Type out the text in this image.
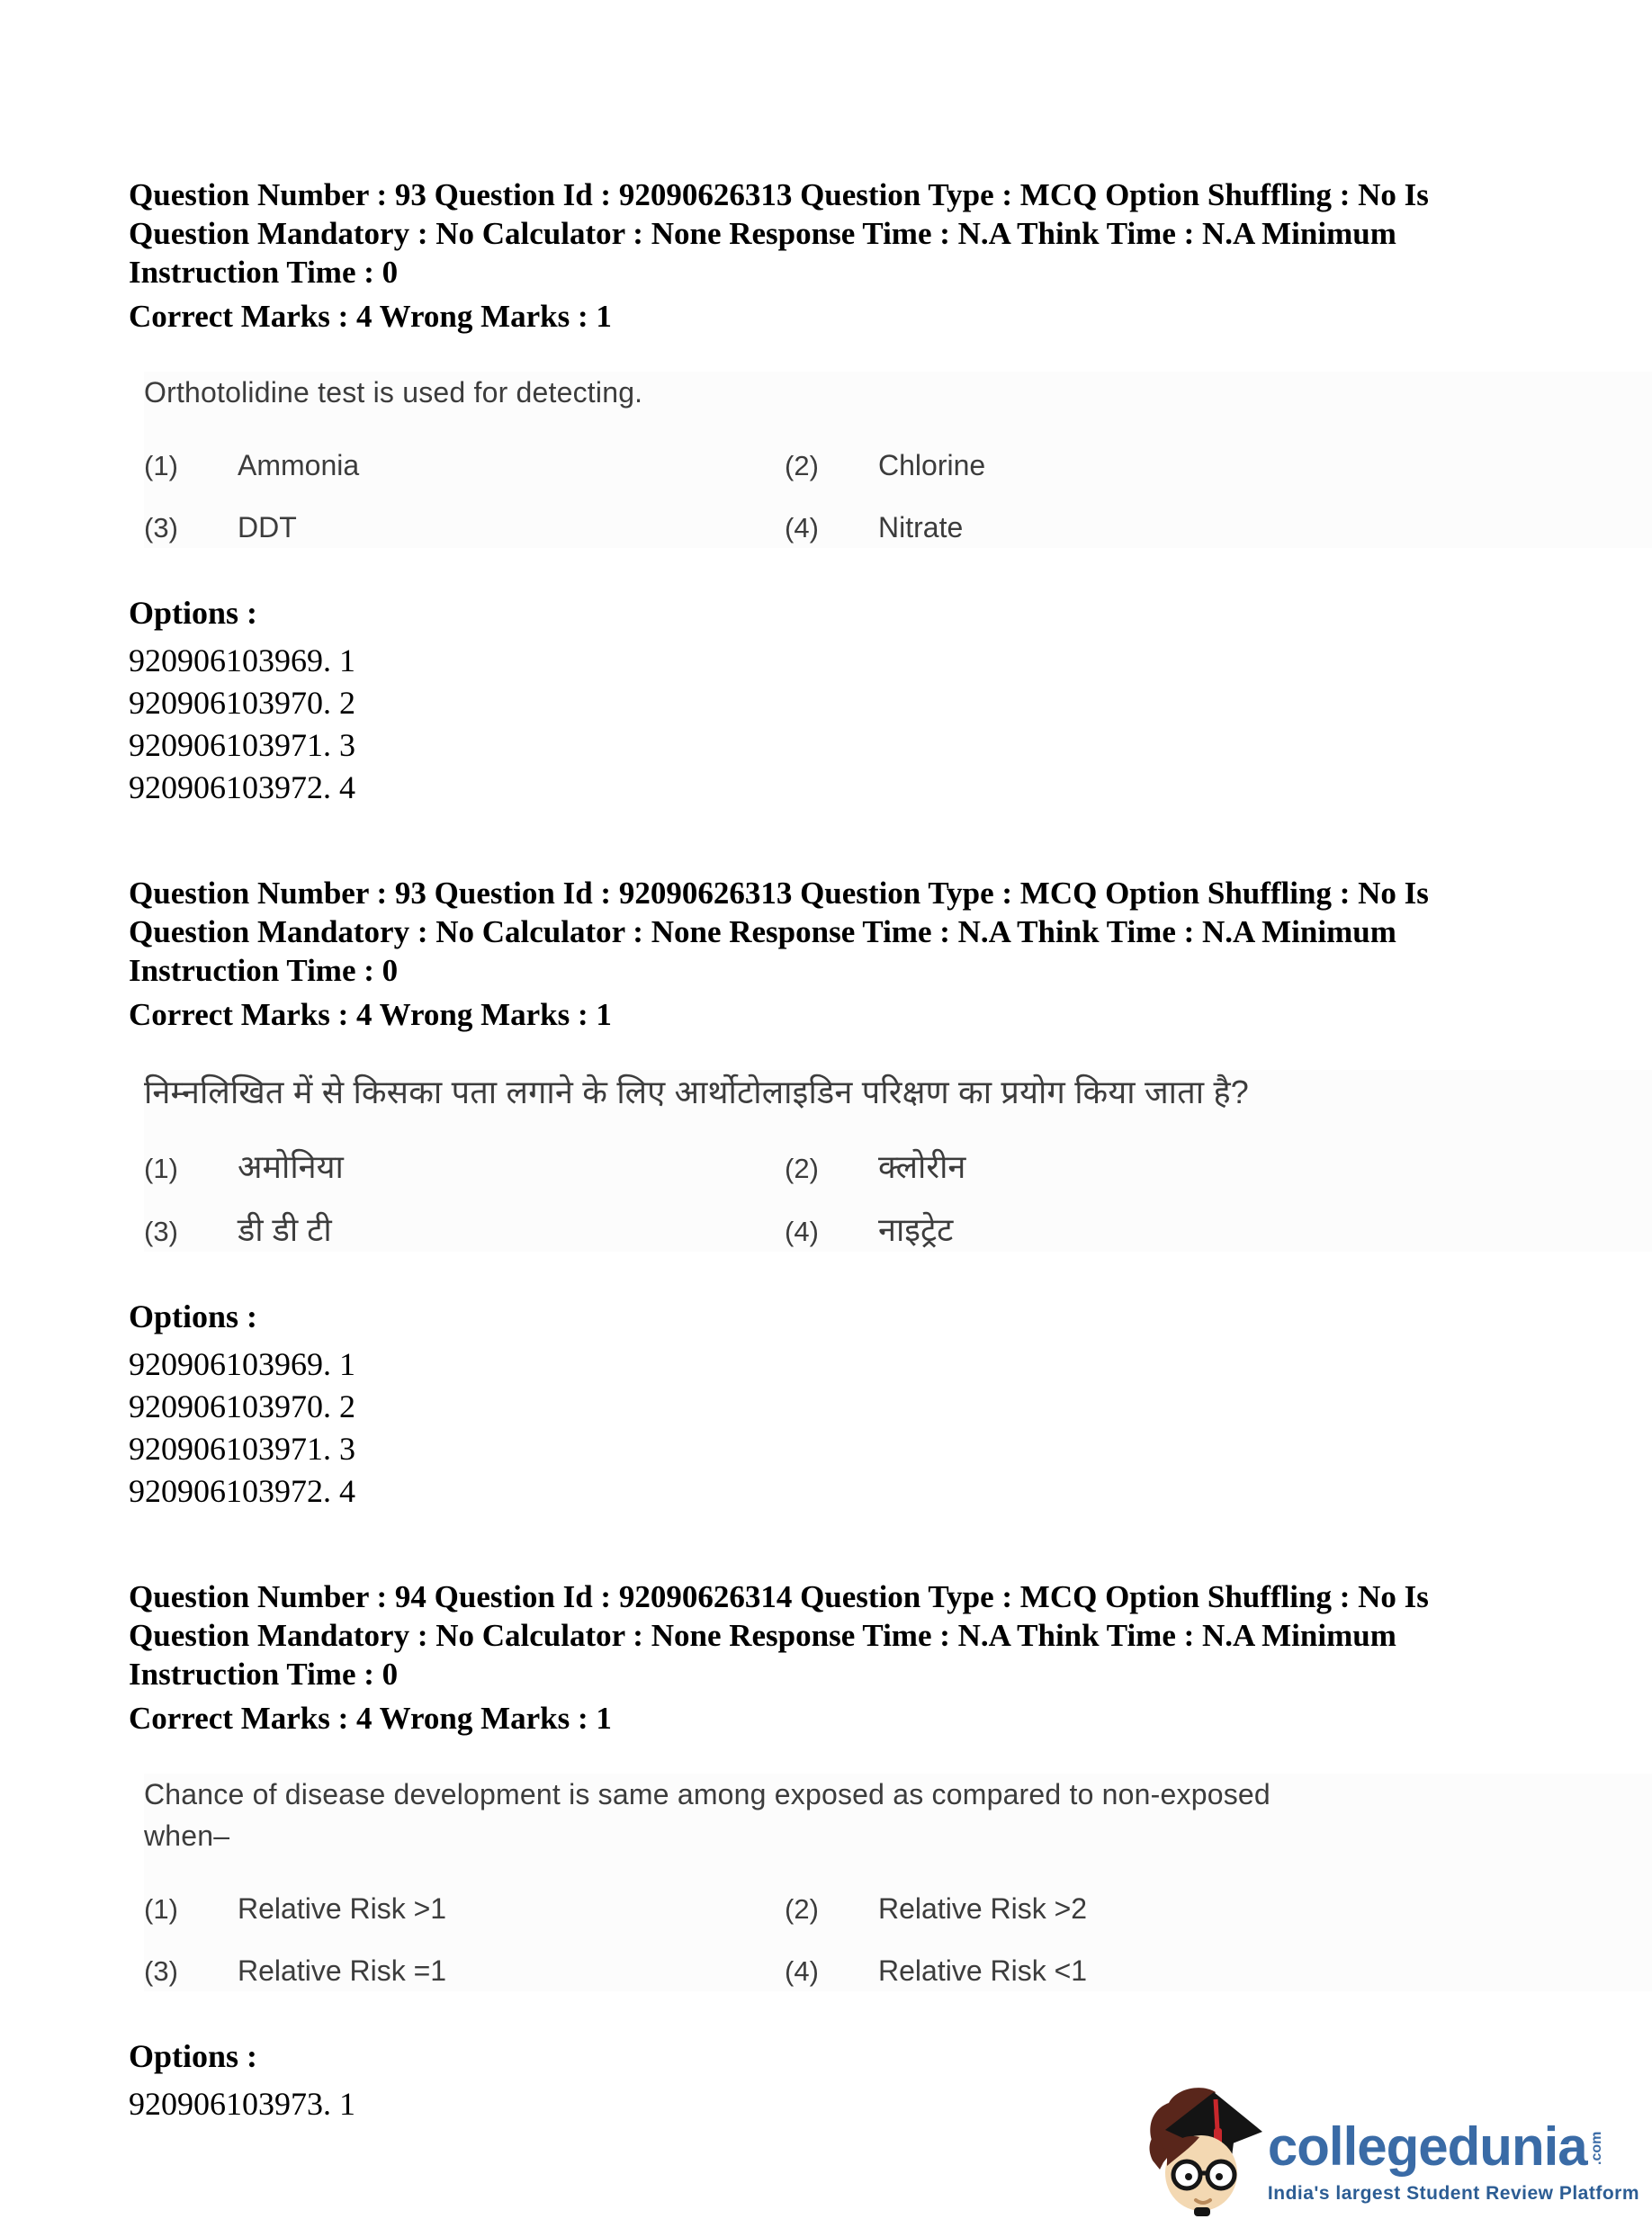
Question Number : 93 Question Id : 92090626313 Question Type : MCQ Option Shuffling : No Is
Question Mandatory : No Calculator : None Response Time : N.A Think Time : N.A Minimum
Instruction Time : 0
Correct Marks : 4 Wrong Marks : 1
Orthotolidine test is used for detecting.
(1)	Ammonia	(2)	Chlorine
(3)	DDT	(4)	Nitrate
Options :
920906103969. 1
920906103970. 2
920906103971. 3
920906103972. 4
Question Number : 93 Question Id : 92090626313 Question Type : MCQ Option Shuffling : No Is
Question Mandatory : No Calculator : None Response Time : N.A Think Time : N.A Minimum
Instruction Time : 0
Correct Marks : 4 Wrong Marks : 1
निम्नलिखित में से किसका पता लगाने के लिए आर्थोटोलाइडिन परिक्षण का प्रयोग किया जाता है?
(1)	अमोनिया	(2)	क्लोरीन
(3)	डी डी टी	(4)	नाइट्रेट
Options :
920906103969. 1
920906103970. 2
920906103971. 3
920906103972. 4
Question Number : 94 Question Id : 92090626314 Question Type : MCQ Option Shuffling : No Is
Question Mandatory : No Calculator : None Response Time : N.A Think Time : N.A Minimum
Instruction Time : 0
Correct Marks : 4 Wrong Marks : 1
Chance of disease development is same among exposed as compared to non-exposed
when–
(1)	Relative Risk >1	(2)	Relative Risk >2
(3)	Relative Risk =1	(4)	Relative Risk <1
Options :
920906103973. 1
collegedunia .com
India's largest Student Review Platform
